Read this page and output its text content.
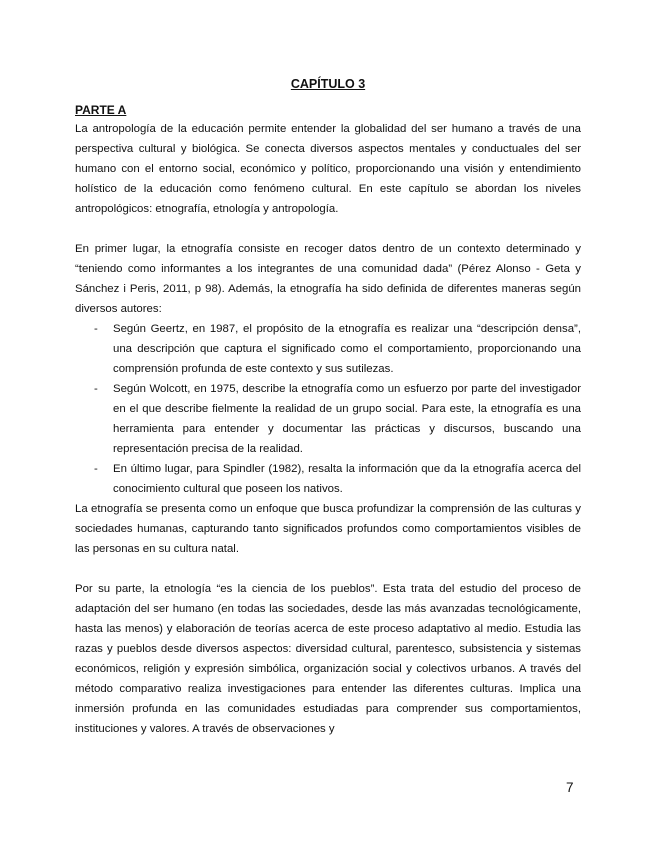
CAPÍTULO 3
PARTE A

La antropología de la educación permite entender la globalidad del ser humano a través de una perspectiva cultural y biológica. Se conecta diversos aspectos mentales y conductuales del ser humano con el entorno social, económico y político, proporcionando una visión y entendimiento holístico de la educación como fenómeno cultural. En este capítulo se abordan los niveles antropológicos: etnografía, etnología y antropología.

En primer lugar, la etnografía consiste en recoger datos dentro de un contexto determinado y “teniendo como informantes a los integrantes de una comunidad dada” (Pérez Alonso - Geta y Sánchez i Peris, 2011, p 98). Además, la etnografía ha sido definida de diferentes maneras según diversos autores:

- Según Geertz, en 1987, el propósito de la etnografía es realizar una “descripción densa”, una descripción que captura el significado como el comportamiento, proporcionando una comprensión profunda de este contexto y sus sutilezas.
- Según Wolcott, en 1975, describe la etnografía como un esfuerzo por parte del investigador en el que describe fielmente la realidad de un grupo social. Para este, la etnografía es una herramienta para entender y documentar las prácticas y discursos, buscando una representación precisa de la realidad.
- En último lugar, para Spindler (1982), resalta la información que da la etnografía acerca del conocimiento cultural que poseen los nativos.

La etnografía se presenta como un enfoque que busca profundizar la comprensión de las culturas y sociedades humanas, capturando tanto significados profundos como comportamientos visibles de las personas en su cultura natal.

Por su parte, la etnología “es la ciencia de los pueblos”. Esta trata del estudio del proceso de adaptación del ser humano (en todas las sociedades, desde las más avanzadas tecnológicamente, hasta las menos) y elaboración de teorías acerca de este proceso adaptativo al medio. Estudia las razas y pueblos desde diversos aspectos: diversidad cultural, parentesco, subsistencia y sistemas económicos, religión y expresión simbólica, organización social y colectivos urbanos. A través del método comparativo realiza investigaciones para entender las diferentes culturas. Implica una inmersión profunda en las comunidades estudiadas para comprender sus comportamientos, instituciones y valores. A través de observaciones y

7
